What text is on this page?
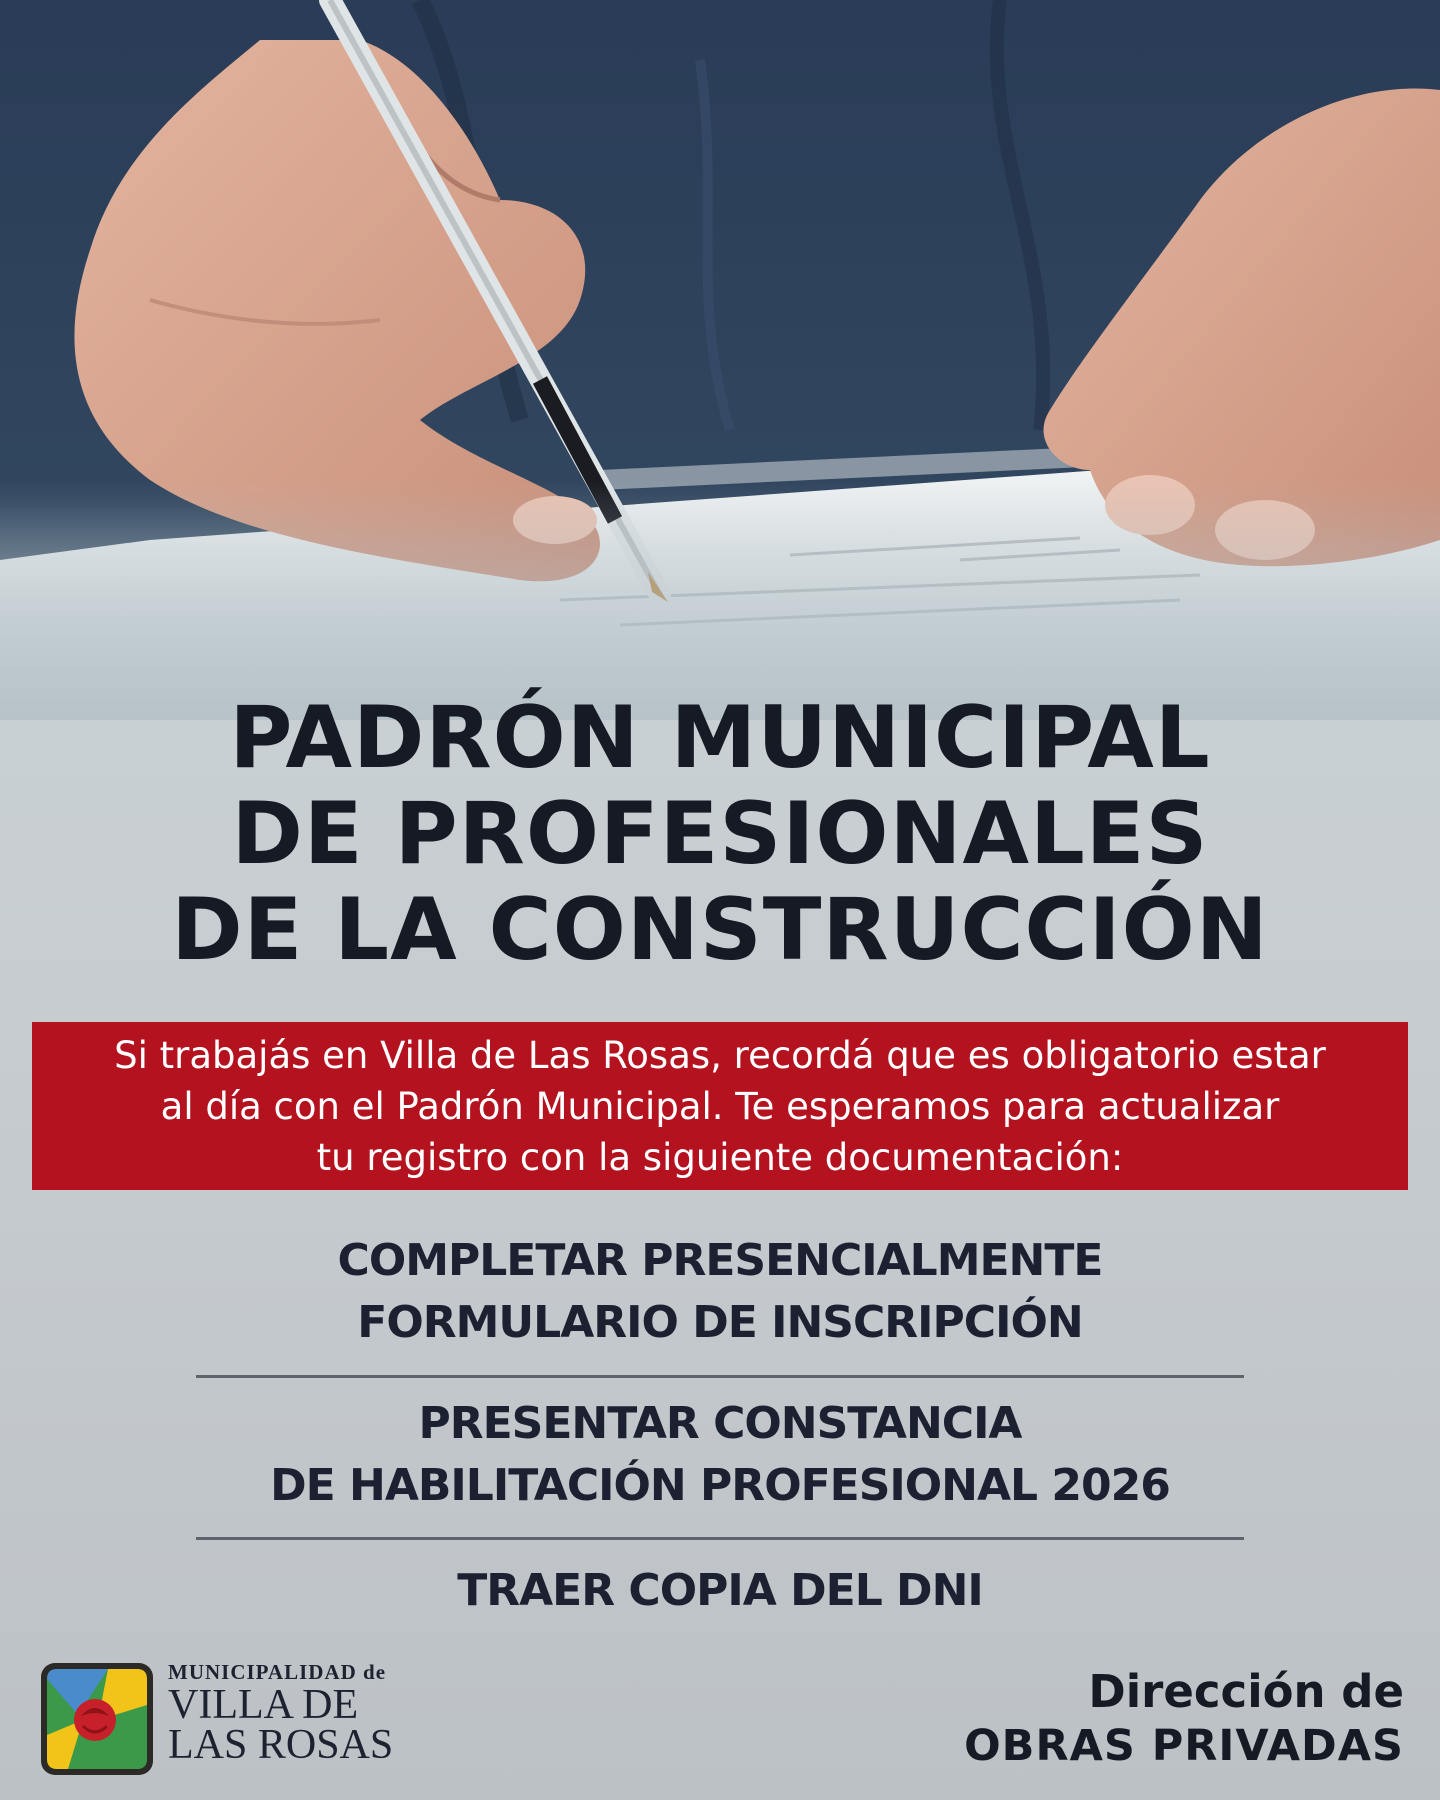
PADRÓN MUNICIPAL
DE PROFESIONALES
DE LA CONSTRUCCIÓN
Si trabajás en Villa de Las Rosas, recordá que es obligatorio estar
al día con el Padrón Municipal. Te esperamos para actualizar
tu registro con la siguiente documentación:
COMPLETAR PRESENCIALMENTE
FORMULARIO DE INSCRIPCIÓN
PRESENTAR CONSTANCIA
DE HABILITACIÓN PROFESIONAL 2026
TRAER COPIA DEL DNI
MUNICIPALIDAD de
VILLA DE
LAS ROSAS
Dirección de
OBRAS PRIVADAS
